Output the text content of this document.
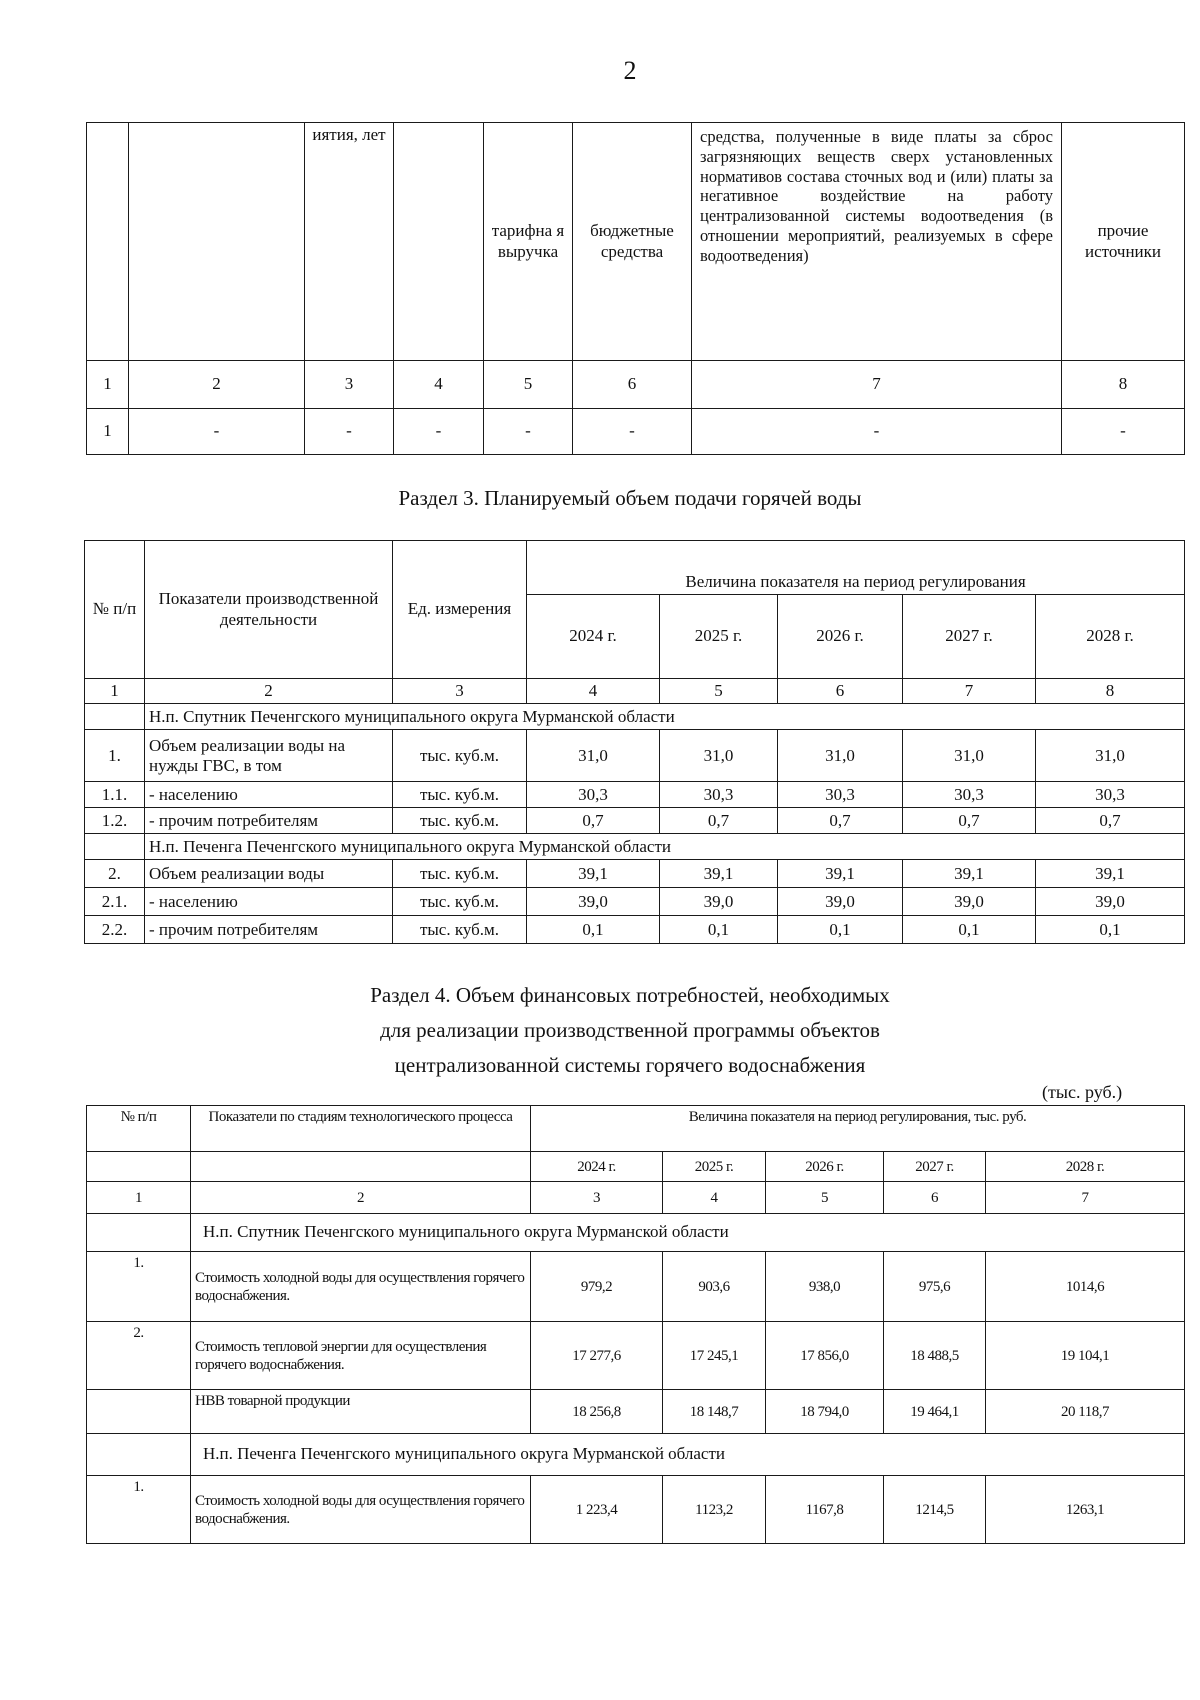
2
		иятия, лет		тарифна я выручка	бюджетные средства	средства, полученные в виде платы за сброс загрязняющих веществ сверх установленных нормативов состава сточных вод и (или) платы за негативное воздействие на работу централизованной системы водоотведения (в отношении мероприятий, реализуемых в сфере водоотведения)	прочие источники
1	2	3	4	5	6	7	8
1	-	-	-	-	-	-	-
Раздел 3. Планируемый объем подачи горячей воды
№ п/п	Показатели производственной деятельности	Ед. измерения	Величина показателя на период регулирования				
			2024 г.	2025 г.	2026 г.	2027 г.	2028 г.
1	2	3	4	5	6	7	8
	Н.п. Спутник Печенгского муниципального округа Мурманской области						
1.	Объем реализации воды на нужды ГВС, в том	тыс. куб.м.	31,0	31,0	31,0	31,0	31,0
1.1.	- населению	тыс. куб.м.	30,3	30,3	30,3	30,3	30,3
1.2.	- прочим потребителям	тыс. куб.м.	0,7	0,7	0,7	0,7	0,7
	Н.п. Печенга Печенгского муниципального округа Мурманской области						
2.	Объем реализации воды	тыс. куб.м.	39,1	39,1	39,1	39,1	39,1
2.1.	- населению	тыс. куб.м.	39,0	39,0	39,0	39,0	39,0
2.2.	- прочим потребителям	тыс. куб.м.	0,1	0,1	0,1	0,1	0,1
Раздел 4. Объем финансовых потребностей, необходимых
для реализации производственной программы объектов
централизованной системы горячего водоснабжения
(тыс. руб.)
№ п/п	Показатели по стадиям технологического процесса	Величина показателя на период регулирования, тыс. руб.				
		2024 г.	2025 г.	2026 г.	2027 г.	2028 г.
1	2	3	4	5	6	7
	Н.п. Спутник Печенгского муниципального округа Мурманской области					
1.	Стоимость холодной воды для осуществления горячего водоснабжения.	979,2	903,6	938,0	975,6	1014,6
2.	Стоимость тепловой энергии для осуществления горячего водоснабжения.	17 277,6	17 245,1	17 856,0	18 488,5	19 104,1
	НВВ товарной продукции	18 256,8	18 148,7	18 794,0	19 464,1	20 118,7
	Н.п. Печенга Печенгского муниципального округа Мурманской области					
1.	Стоимость холодной воды для осуществления горячего водоснабжения.	1 223,4	1123,2	1167,8	1214,5	1263,1
